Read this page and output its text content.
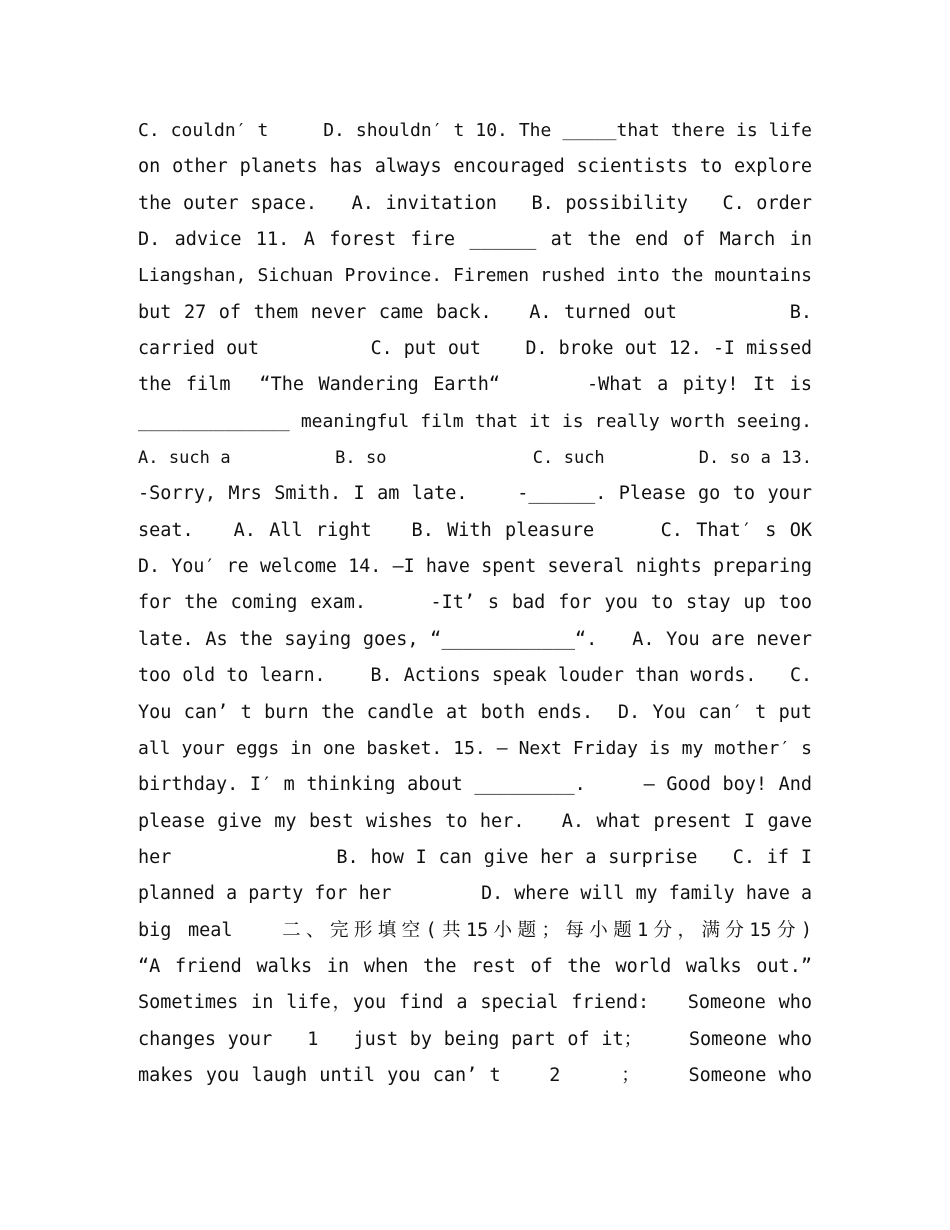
C. couldn′ t     D. shouldn′ t 10. The _____that there is life
on other planets has always encouraged scientists to explore
the outer space.   A. invitation   B. possibility   C. order
D. advice 11. A forest fire ______ at the end of March in
Liangshan, Sichuan Province. Firemen rushed into the mountains
but 27 of them never came back.   A. turned out         B.
carried out          C. put out    D. broke out 12. -I missed
the film  “The Wandering Earth“      -What a pity! It is
______________ meaningful film that it is really worth seeing.
A. such a          B. so              C. such         D. so a 13.
-Sorry, Mrs Smith. I am late.    -______. Please go to your
seat.   A. All right   B. With pleasure     C. That′ s OK
D. You′ re welcome 14. –I have spent several nights preparing
for the coming exam.     -It’ s bad for you to stay up too
late. As the saying goes, “____________“.   A. You are never
too old to learn.    B. Actions speak louder than words.   C.
You can’ t burn the candle at both ends.  D. You can′ t put
all your eggs in one basket. 15. – Next Friday is my mother′ s
birthday. I′ m thinking about _________.     – Good boy! And
please give my best wishes to her.   A. what present I gave
her              B. how I can give her a surprise   C. if I
planned a party for her        D. where will my family have a
big meal   二、完形填空(共15小题；每小题1分，满分15分)
“A friend walks in when the rest of the world walks out.”
Sometimes in life，you find a special friend:   Someone who
changes your   1   just by being part of it；    Someone who
makes you laugh until you can’ t    2     ；    Someone who
